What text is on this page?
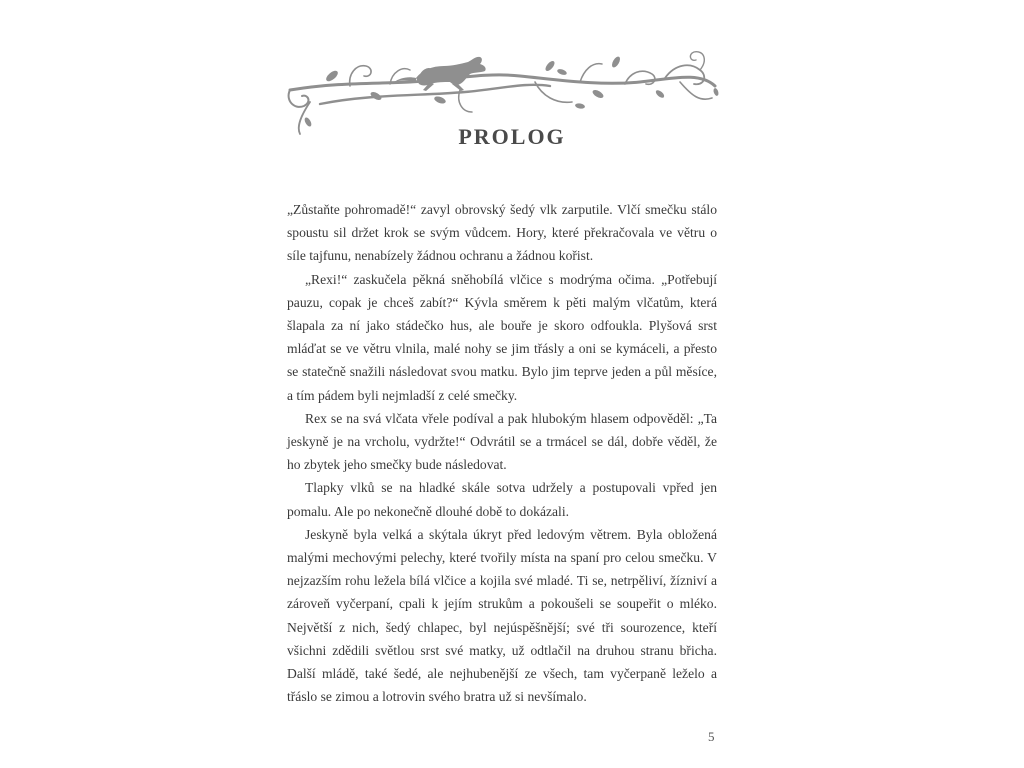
PROLOG

„Zůstaňte pohromadě!“ zavyl obrovský šedý vlk zarputile. Vlčí smečku stálo spoustu sil držet krok se svým vůdcem. Hory, které překračovala ve větru o síle tajfunu, nenabízely žádnou ochranu a žádnou kořist.

„Rexi!“ zaskučela pěkná sněhobílá vlčice s modrýma očima. „Potřebují pauzu, copak je chceš zabít?“ Kývla směrem k pěti malým vlčatům, která šlapala za ní jako stádečko hus, ale bouře je skoro odfoukla. Plyšová srst mláďat se ve větru vlnila, malé nohy se jim třásly a oni se kymáceli, a přesto se statečně snažili následovat svou matku. Bylo jim teprve jeden a půl měsíce, a tím pádem byli nejmladší z celé smečky.

Rex se na svá vlčata vřele podíval a pak hlubokým hlasem odpověděl: „Ta jeskyně je na vrcholu, vydržte!“ Odvrátil se a trmácel se dál, dobře věděl, že ho zbytek jeho smečky bude následovat.

Tlapky vlků se na hladké skále sotva udržely a postupovali vpřed jen pomalu. Ale po nekonečně dlouhé době to dokázali.

Jeskyně byla velká a skýtala úkryt před ledovým větrem. Byla obložená malými mechovými pelechy, které tvořily místa na spaní pro celou smečku. V nejzazším rohu ležela bílá vlčice a kojila své mladé. Ti se, netrpěliví, žízniví a zároveň vyčerpaní, cpali k jejím strukům a pokoušeli se soupeřit o mléko. Největší z nich, šedý chlapec, byl nejúspěšnější; své tři sourozence, kteří všichni zdědili světlou srst své matky, už odtlačil na druhou stranu břicha. Další mládě, také šedé, ale nejhubenější ze všech, tam vyčerpaně leželo a třáslo se zimou a lotrovin svého bratra už si nevšímalo.

5
